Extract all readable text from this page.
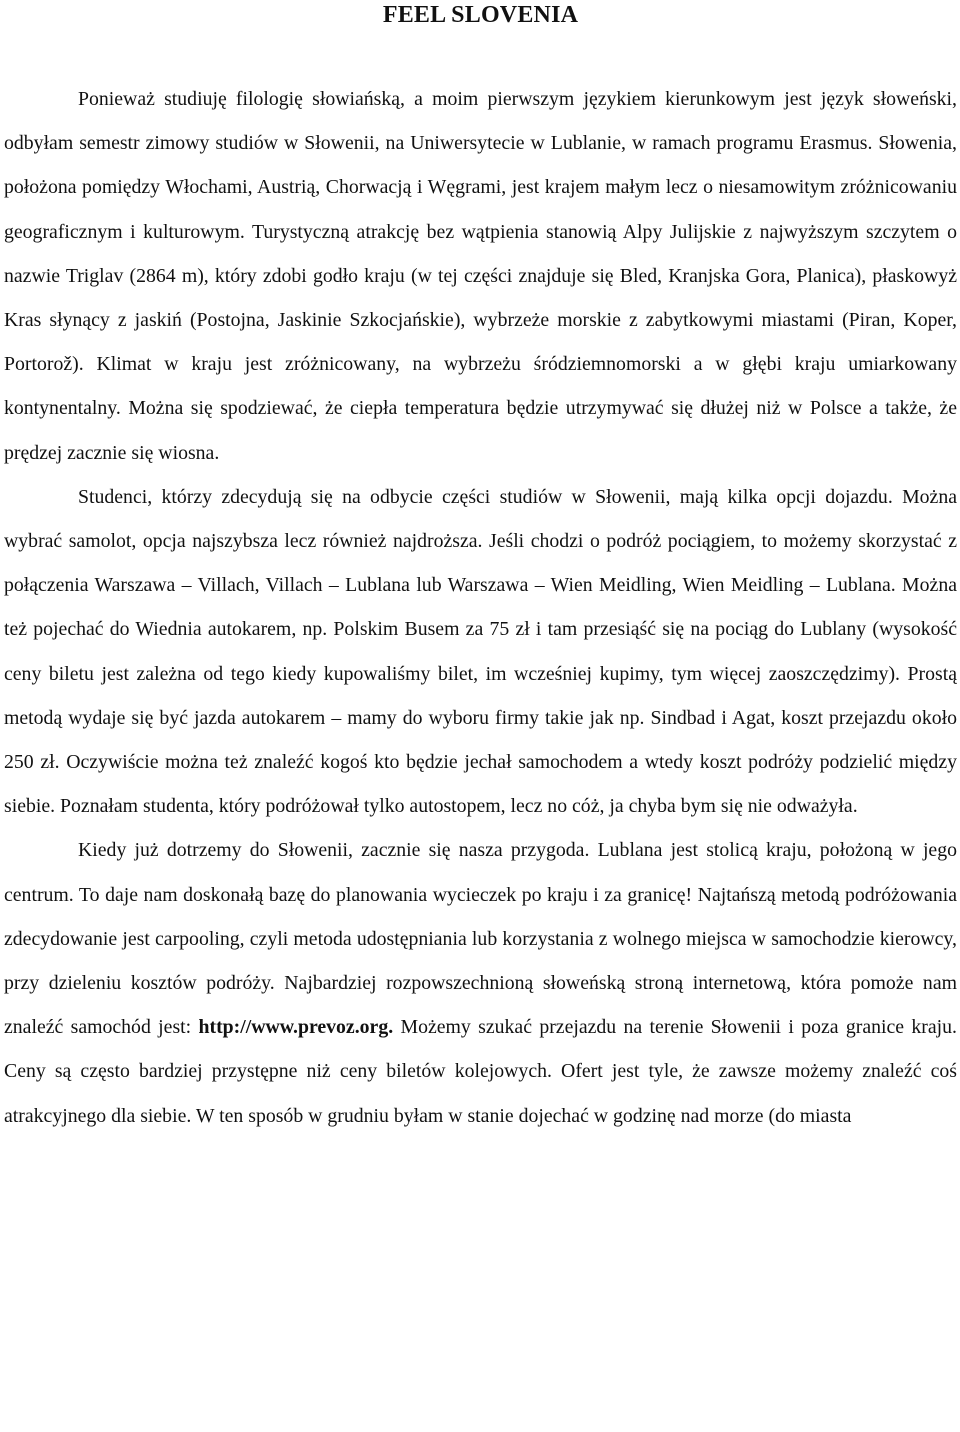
FEEL SLOVENIA

Ponieważ studiuję filologię słowiańską, a moim pierwszym językiem kierunkowym jest język słoweński, odbyłam semestr zimowy studiów w Słowenii, na Uniwersytecie w Lublanie, w ramach programu Erasmus. Słowenia, położona pomiędzy Włochami, Austrią, Chorwacją i Węgrami, jest krajem małym lecz o niesamowitym zróżnicowaniu geograficznym i kulturowym. Turystyczną atrakcję bez wątpienia stanowią Alpy Julijskie z najwyższym szczytem o nazwie Triglav (2864 m), który zdobi godło kraju (w tej części znajduje się Bled, Kranjska Gora, Planica), płaskowyż Kras słynący z jaskiń (Postojna, Jaskinie Szkocjańskie), wybrzeże morskie z zabytkowymi miastami (Piran, Koper, Portorož). Klimat w kraju jest zróżnicowany, na wybrzeżu śródziemnomorski a w głębi kraju umiarkowany kontynentalny. Można się spodziewać, że ciepła temperatura będzie utrzymywać się dłużej niż w Polsce a także, że prędzej zacznie się wiosna.

Studenci, którzy zdecydują się na odbycie części studiów w Słowenii, mają kilka opcji dojazdu. Można wybrać samolot, opcja najszybsza lecz również najdroższa. Jeśli chodzi o podróż pociągiem, to możemy skorzystać z połączenia Warszawa – Villach, Villach – Lublana lub Warszawa – Wien Meidling, Wien Meidling – Lublana. Można też pojechać do Wiednia autokarem, np. Polskim Busem za 75 zł i tam przesiąść się na pociąg do Lublany (wysokość ceny biletu jest zależna od tego kiedy kupowaliśmy bilet, im wcześniej kupimy, tym więcej zaoszczędzimy). Prostą metodą wydaje się być jazda autokarem – mamy do wyboru firmy takie jak np. Sindbad i Agat, koszt przejazdu około 250 zł. Oczywiście można też znaleźć kogoś kto będzie jechał samochodem a wtedy koszt podróży podzielić między siebie. Poznałam studenta, który podróżował tylko autostopem, lecz no cóż, ja chyba bym się nie odważyła.

Kiedy już dotrzemy do Słowenii, zacznie się nasza przygoda. Lublana jest stolicą kraju, położoną w jego centrum. To daje nam doskonałą bazę do planowania wycieczek po kraju i za granicę! Najtańszą metodą podróżowania zdecydowanie jest carpooling, czyli metoda udostępniania lub korzystania z wolnego miejsca w samochodzie kierowcy, przy dzieleniu kosztów podróży. Najbardziej rozpowszechnioną słoweńską stroną internetową, która pomoże nam znaleźć samochód jest: http://www.prevoz.org. Możemy szukać przejazdu na terenie Słowenii i poza granice kraju. Ceny są często bardziej przystępne niż ceny biletów kolejowych. Ofert jest tyle, że zawsze możemy znaleźć coś atrakcyjnego dla siebie. W ten sposób w grudniu byłam w stanie dojechać w godzinę nad morze (do miasta
